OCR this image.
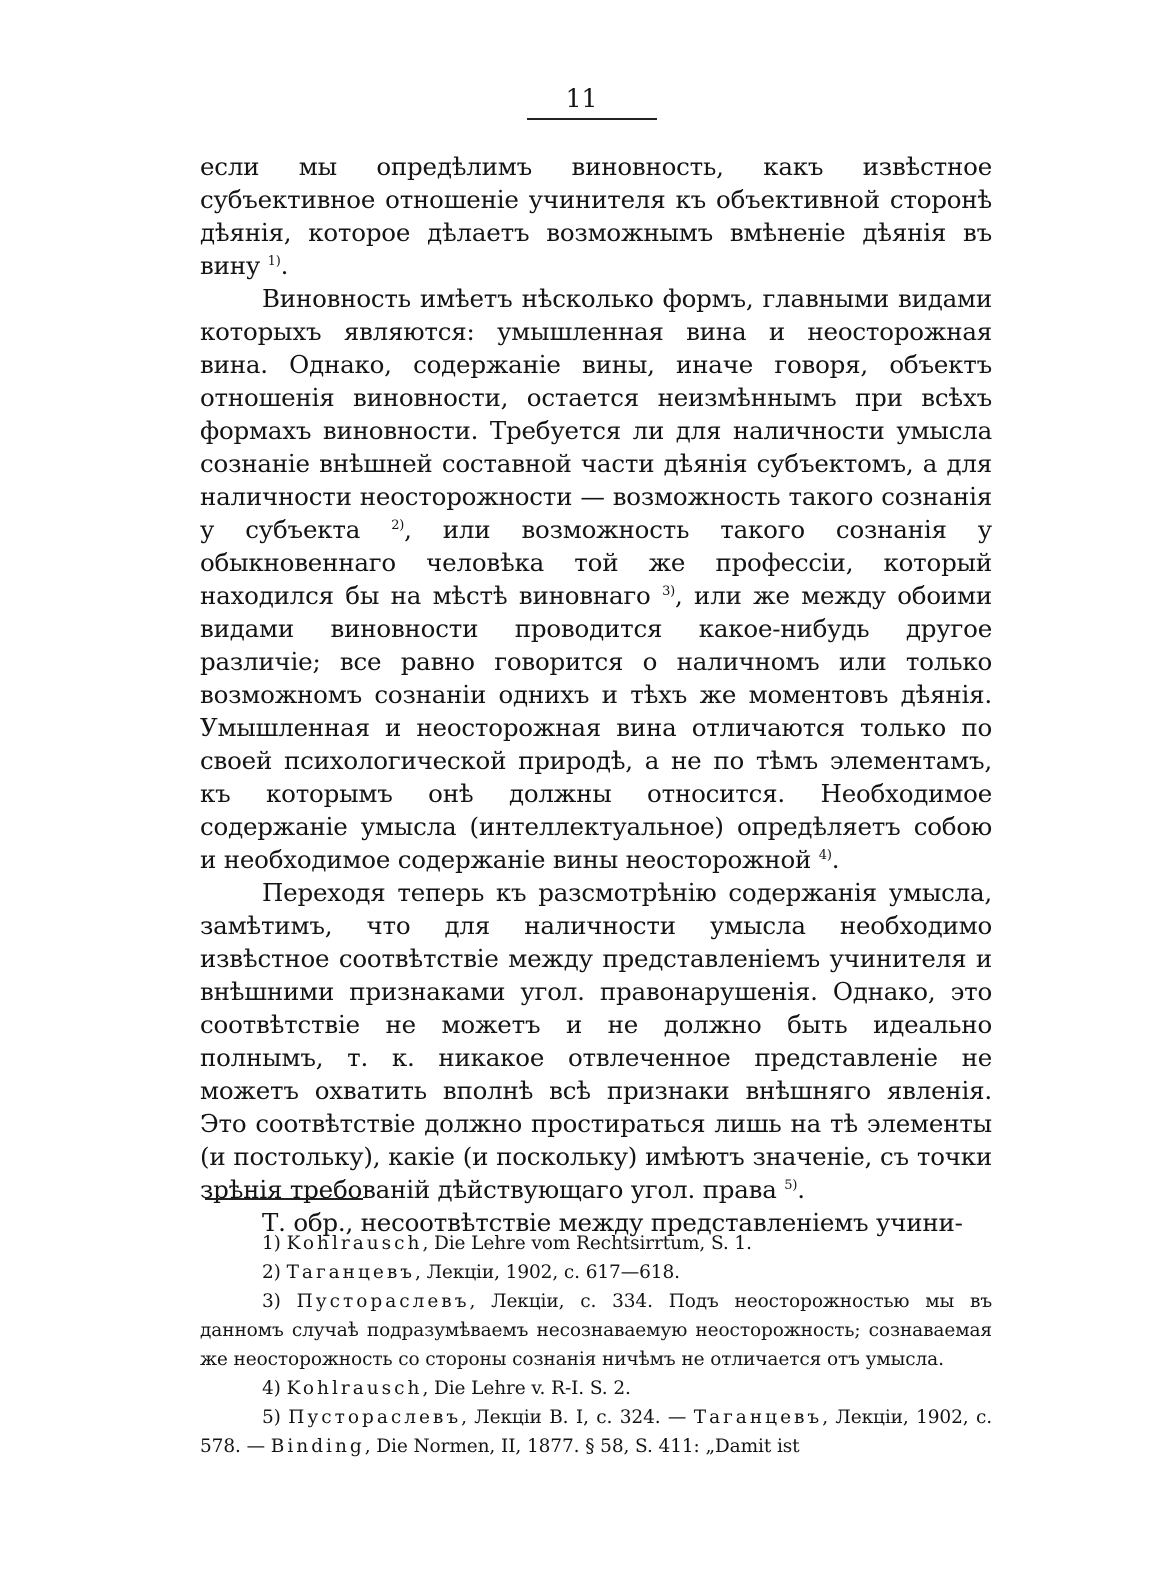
11

если мы опредѣлимъ виновность, какъ извѣстное субъективное отношенiе учинителя къ объективной сторонѣ дѣянiя, которое дѣлаетъ возможнымъ вмѣненiе дѣянiя въ вину $^{1)}$.

Виновность имѣетъ нѣсколько формъ, главными видами которыхъ являются: умышленная вина и неосторожная вина. Однако, содержанiе вины, иначе говоря, объектъ отношенiя виновности, остается неизмѣннымъ при всѣхъ формахъ виновности. Требуется ли для наличности умысла сознанiе внѣшней составной части дѣянiя субъектомъ, а для наличности неосторожности — возможность такого сознанiя у субъекта $^{2)}$, или возможность такого сознанiя у обыкновеннаго человѣка той же професciи, который находился бы на мѣстѣ виновнаго $^{3)}$, или же между обоими видами виновности проводится какое-нибудь другое различiе; все равно говорится о наличномъ или только возможномъ сознанiи однихъ и тѣхъ же моментовъ дѣянiя. Умышленная и неосторожная вина отличаются только по своей психологической природѣ, а не по тѣмъ элементамъ, къ которымъ онѣ должны относится. Необходимое содержанiе умысла (интеллектуальное) опредѣляетъ собою и необходимое содержанiе вины неосторожной $^{4)}$.

Переходя теперь къ разсмотрѣнiю содержанiя умысла, замѣтимъ, что для наличности умысла необходимо извѣстное соотвѣтствiе между представленiемъ учинителя и внѣшними признаками угол. правонарушенiя. Однако, это соотвѣтствiе не можетъ и не должно быть идеально полнымъ, т. к. никакое отвлеченное представленiе не можетъ охватить вполнѣ всѣ признаки внѣшняго явленiя. Это соотвѣтствiе должно простираться лишь на тѣ элементы (и постольку), какiе (и поскольку) имѣютъ значенiе, съ точки зрѣнiя требованiй дѣйствующаго угол. права $^{5)}$.

Т. обр., несоотвѣтствiе между представленiемъ учини-

1) Kohlrausch, Die Lehre vom Rechtsirrtum, S. 1.

2) Таганцевъ, Лекцiи, 1902, с. 617—618.

3) Пустораслевъ, Лекцiи, с. 334. Подъ неосторожностью мы въ данномъ случаѣ подразумѣваемъ несознаваемую неосторожность; сознаваемая же неосторожность со стороны сознанiя ничѣмъ не отличается отъ умысла.

4) Kohlrausch, Die Lehre v. R-I. S. 2.

5) Пустораслевъ, Лекцiи B. I, с. 324. — Таганцевъ, Лекцiи, 1902, с. 578. — Binding, Die Normen, II, 1877. § 58, S. 411: „Damit ist
